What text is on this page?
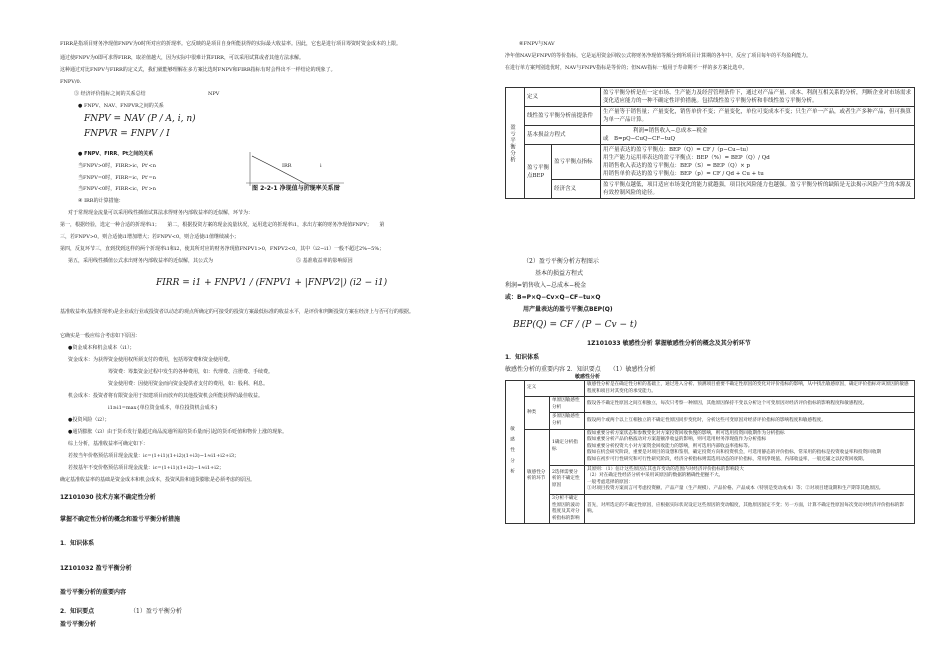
FIRR是指项目财务净现值FNPV为0时所对应的折现率。它反映的是项目自身所能获得的实际最大收益率。因此，它也是进行项目筹资时资金成本的上限。
通过使FNPV为0即可求得FIRR，取差值越大，因为实际中很难计算FIRR，可以采用试算或者其他方法求解。
这种通过对比FNPV与FIRR的定义式，我们就能够理解在多方案比选时FNPV和FIRR指标有时会得出不一样结论的现象了。
FNPV/0.
③ 经济评价指标之间的关系总结	NPV
● FNPV、NAV、FNPVR之间的关系
FNPV = NAV (P / A, i, n)
FNPVR = FNPV / I
● FNPV、FIRR、Pt之间的关系
当FNPV>0时，FIRR>ic，Pt'<n	IRR	i
当FNPV=0时，FIRR=ic，Pt'=n
当FNPV<0时，FIRR<ic，Pt'>n	图 2-2-1 净现值与折现率关系图
④ IRR的计算措施：
对于常规现金流量可以采用线性插值试算法求得财务内部收益率的近似解，环节为：
第一，根据经验，选定一种合适的折现率i1；　　第二，根据投资方案的现金流量状况，运用选定的折现率i1，求出方案的财务净现值FNPV；　　第
三，若FNPV>0，则合适使i1增加增大；若FNPV<0，则合适使i1值继续减小；
第四，反复环节三，直到找到这样的两个折现率i1和i2，使其所对应的财务净现值FNPV1>0，FNPV2<0，其中（i2−i1）一般不超过2%−5%；
第五，采用线性插值公式求出财务内部收益率的近似解，其公式为	⑤ 基准收益率的影响原因
FIRR = i1 + FNPV1 / (FNPV1 + |FNPV2|) (i2 − i1)
基准收益率(基准折现率)是企业或行业或投资者以动态的观点所确定的可接受的投资方案最低标准的收益水平，是评价和判断投资方案在经济上与否可行的根据。
它确实是一般应综合考虑如下原因：
●资金成本和机会成本（i1）；
资金成本：为获得资金使用权所须支付的费用，包括筹资费和资金使用费。
筹资费：筹集资金过程中发生的各种费用，如：代理费、注册费、手续费。
资金使用费：因使用资金而向资金提供者支付的费用，如：股利、利息。
机会成本：投资者将有限资金用于拟建项目而放弃的其他投资机会所能获得的最佳收益。
i1≥i1=max{单位资金成本，单位投资机会成本}
●投资风险（i2）；
●通货膨胀（i3）由于货币发行量超过商品流通所需的货币量而引起的货币贬值和物价上涨的现象。
综上分析，基准收益率可确定如下：
若按当年价格预估项目现金流量：ic=(1+i1)(1+i2)(1+i3)−1≈i1+i2+i3；
若按基年不变价格预估项目现金流量：ic=(1+i1)(1+i2)−1≈i1+i2；
确定基准收益率的基础是资金成本和机会成本，投资风险和通货膨胀是必须考虑的原因。
1Z101030 技术方案不确定性分析
掌握不确定性分析的概念和盈亏平衡分析措施
1．知识体系
1Z101032 盈亏平衡分析
盈亏平衡分析的重要内容
2．知识要点	（1）盈亏平衡分析
盈亏平衡分析
⑥FNPV与NAV
净年值NAV是FNPV的等价指标，它是运用资金回收公式将财务净现值等额分到所项目计算期的各年中，反应了项目每年的平均盈利能力。
在进行单方案判别选优时，NAV与FNPV指标是等价的；但NAV指标一般用于寿命期不一样的多方案比选中。
盈亏平衡分析	定义		盈亏平衡分析是在一定市场、生产能力及经营管理条件下，通过对产品产量、成本、利润互相关系的分析，判断企业对市场需求变化适应能力的一种不确定性评价措施。包括线性盈亏平衡分析和非线性盈亏平衡分析。
	线性盈亏平衡分析前提条件		生产量等于销售量；产量变化，销售单价不变；产量变化，单位可变成本不变；只生产单一产品，或者生产多种产品，但可换算为单一产品计算。
	基本损益方程式		利润=销售收入−总成本−税金
或　B=pQ−CuQ−CF−tuQ

	盈亏平衡点BEP	盈亏平衡点指标	用产量表达的盈亏平衡点：BEP（Q）= CF /（p−Cu−tu）
用生产能力运用率表达的盈亏平衡点：BEP（%）= BEP（Q）/ Qd
用销售收入表达的盈亏平衡点：BEP（S）= BEP（Q）× p
用销售单价表达的盈亏平衡点：BEP（p）= CF / Qd + Cu + tu

		经济含义	盈亏平衡点越低，项目适应市场变化的能力就越强，项目抗风险能力也越强。盈亏平衡分析的缺陷是无法揭示风险产生的本源及有效控制风险的途径。
（2）盈亏平衡分析方程图示
基本的损益方程式
利润=销售收入−总成本−税金
或：B=P×Q−Cv×Q−CF−tu×Q
用产量表达的盈亏平衡点BEP(Q)
BEP(Q) = CF / (P − Cv − t)
1Z101033 敏感性分析 掌握敏感性分析的概念及其分析环节
1．知识体系
敏感性分析的重要内容 2．知识要点　　（1）敏感性分析
敏感性分析
敏感性分析	定义		敏感性分析是在确定性分析的基础上，通过进入分析、预测项目重要不确定性原因的变化对评价指标的影响，从中找出敏感原因，确定评价指标对该原因的敏感程度和项目对其变化的承受能力。
	种类	单原因敏感性分析	假设各不确定性原因之间互相独立，每次只考察一种原因，其他原因保持不变以分析这个可变原因对经济评价指标的影响程度和敏感程度。
		多原因敏感性分析	假设两个或两个以上互相独立的不确定性原因同步变化时，分析这些可变原因对经济评价指标的影响程度和敏感程度。
	敏感性分析的环节	1确定分析指标	假如重要分析方案状态和参数变化对方案投资回收快慢的影响，则可选用投资回收期作为分析指标
假如重要分析产品价格波动对方案超额净收益的影响，则可选用财务净现值作为分析指标
假如重要分析投资大小对方案资金回收能力的影响，则可选用内部收益率指标等。
假如在机会研究阶段，重要是对项目的设想和鉴别，确定投资方向和投资机会，可选用静态的评价指标，常采用的指标是投资收益率和投资回收期
假如在初步可行性研究和可行性研究阶段，经济分析指标则需选用动态的评价指标，常用净现值、内部收益率，一般还辅之以投资回收期。

		2选择需要分析的不确定性原因	其原则：（1）估计这些原因在其也许变动的范围内对经济评价指标的影响较大
（2）对在确定性经济分析中采用该原因的数据的精确性把握不大。
一般考虑选择的原因：
①对项目投资方案而言可考虑投资额、产品产量（生产规模）、产品价格、产品成本（特别是变动成本）等；②对项目建设期和生产期等其他原因。

		3分析不确定性原因的波动程度及其对分析指标的影响	首先，对所选定的不确定性原因，应根据实际状况设定这些原因的变动幅度，其他原因固定不变；另一方面，计算不确定性原因每次变动对经济评价指标的影响。
